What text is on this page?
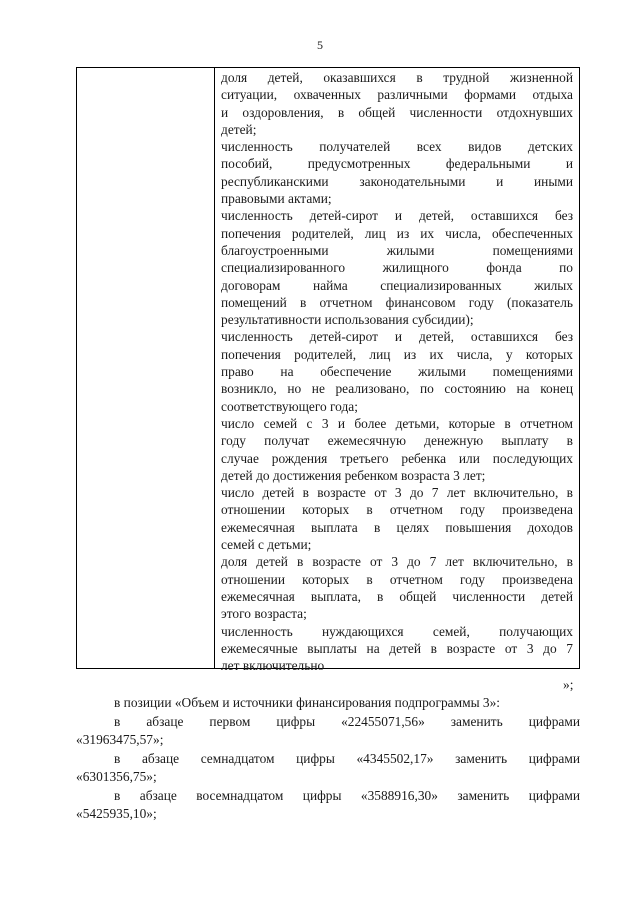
5
доля детей, оказавшихся в трудной жизненной
ситуации, охваченных различными формами отдыха
и оздоровления, в общей численности отдохнувших
детей;
численность получателей всех видов детских
пособий, предусмотренных федеральными и
республиканскими законодательными и иными
правовыми актами;
численность детей-сирот и детей, оставшихся без
попечения родителей, лиц из их числа, обеспеченных
благоустроенными жилыми помещениями
специализированного жилищного фонда по
договорам найма специализированных жилых
помещений в отчетном финансовом году (показатель
результативности использования субсидии);
численность детей-сирот и детей, оставшихся без
попечения родителей, лиц из их числа, у которых
право на обеспечение жилыми помещениями
возникло, но не реализовано, по состоянию на конец
соответствующего года;
число семей с 3 и более детьми, которые в отчетном
году получат ежемесячную денежную выплату в
случае рождения третьего ребенка или последующих
детей до достижения ребенком возраста 3 лет;
число детей в возрасте от 3 до 7 лет включительно, в
отношении которых в отчетном году произведена
ежемесячная выплата в целях повышения доходов
семей с детьми;
доля детей в возрасте от 3 до 7 лет включительно, в
отношении которых в отчетном году произведена
ежемесячная выплата, в общей численности детей
этого возраста;
численность нуждающихся семей, получающих
ежемесячные выплаты на детей в возрасте от 3 до 7
лет включительно
»;
в позиции «Объем и источники финансирования подпрограммы 3»:
в абзаце первом цифры «22455071,56» заменить цифрами
«31963475,57»;
в абзаце семнадцатом цифры «4345502,17» заменить цифрами
«6301356,75»;
в абзаце восемнадцатом цифры «3588916,30» заменить цифрами
«5425935,10»;
